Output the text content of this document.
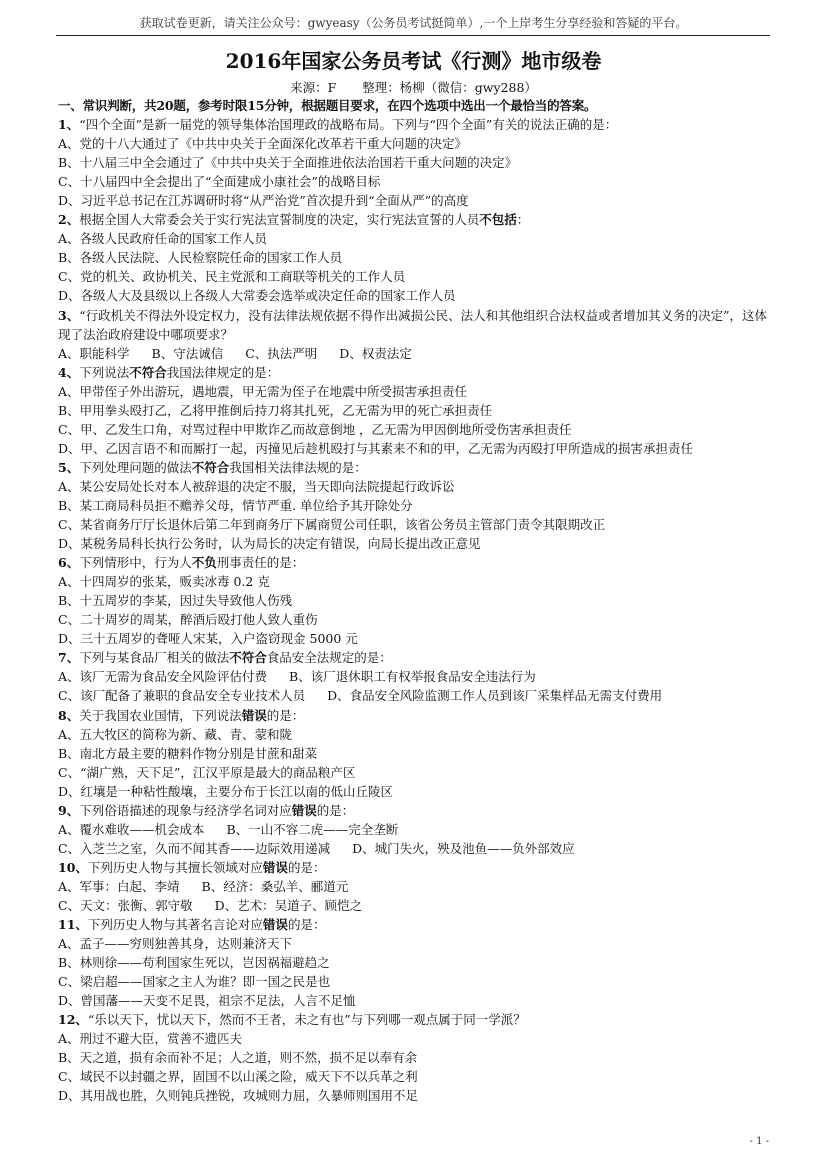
获取试卷更新，请关注公众号：gwyeasy（公务员考试挺简单）,一个上岸考生分享经验和答疑的平台。
2016年国家公务员考试《行测》地市级卷
来源：F 整理：杨柳（微信：gwy288）
一、常识判断，共20题，参考时限15分钟，根据题目要求，在四个选项中选出一个最恰当的答案。
1、“四个全面”是新一届党的领导集体治国理政的战略布局。下列与“四个全面”有关的说法正确的是：
A、党的十八大通过了《中共中央关于全面深化改革若干重大问题的决定》
B、十八届三中全会通过了《中共中央关于全面推进依法治国若干重大问题的决定》
C、十八届四中全会提出了“全面建成小康社会”的战略目标
D、习近平总书记在江苏调研时将“从严治党”首次提升到“全面从严”的高度
2、根据全国人大常委会关于实行宪法宣誓制度的决定，实行宪法宣誓的人员不包括：
A、各级人民政府任命的国家工作人员
B、各级人民法院、人民检察院任命的国家工作人员
C、党的机关、政协机关、民主党派和工商联等机关的工作人员
D、各级人大及县级以上各级人大常委会选举或决定任命的国家工作人员
3、“行政机关不得法外设定权力，没有法律法规依据不得作出减损公民、法人和其他组织合法权益或者增加其义务的决定”，这体现了法治政府建设中哪项要求？
A、职能科学 B、守法诚信 C、执法严明 D、权责法定
4、下列说法不符合我国法律规定的是：
A、甲带侄子外出游玩，遇地震，甲无需为侄子在地震中所受损害承担责任
B、甲用拳头殴打乙，乙将甲推倒后持刀将其扎死，乙无需为甲的死亡承担责任
C、甲、乙发生口角，对骂过程中甲欺诈乙而故意倒地 ，乙无需为甲因倒地所受伤害承担责任
D、甲、乙因言语不和而厮打一起，丙撞见后趁机殴打与其素来不和的甲，乙无需为丙殴打甲所造成的损害承担责任
5、下列处理问题的做法不符合我国相关法律法规的是：
A、某公安局处长对本人被辞退的决定不服，当天即向法院提起行政诉讼
B、某工商局科员拒不赡养父母，情节严重. 单位给予其开除处分
C、某省商务厅厅长退休后第二年到商务厅下属商贸公司任职，该省公务员主管部门责令其限期改正
D、某税务局科长执行公务时，认为局长的决定有错误，向局长提出改正意见
6、下列情形中，行为人不负刑事责任的是：
A、十四周岁的张某，贩卖冰毒 0.2 克
B、十五周岁的李某，因过失导致他人伤残
C、二十周岁的周某，醉酒后殴打他人致人重伤
D、三十五周岁的聋哑人宋某，入户盗窃现金 5000 元
7、下列与某食品厂相关的做法不符合食品安全法规定的是：
A、该厂无需为食品安全风险评估付费 B、该厂退休职工有权举报食品安全违法行为
C、该厂配备了兼职的食品安全专业技术人员 D、食品安全风险监测工作人员到该厂采集样品无需支付费用
8、关于我国农业国情，下列说法错误的是：
A、五大牧区的简称为新、藏、青、蒙和陇
B、南北方最主要的糖料作物分别是甘蔗和甜菜
C、“湖广熟，天下足”，江汉平原是最大的商品粮产区
D、红壤是一种粘性酸壤，主要分布于长江以南的低山丘陵区
9、下列俗语描述的现象与经济学名词对应错误的是：
A、覆水难收——机会成本 B、一山不容二虎——完全垄断
C、入芝兰之室，久而不闻其香——边际效用递减 D、城门失火，殃及池鱼——负外部效应
10、下列历史人物与其擅长领域对应错误的是：
A、军事：白起、李靖 B、经济：桑弘羊、郦道元
C、天文：张衡、郭守敬 D、艺术：吴道子、顾恺之
11、下列历史人物与其著名言论对应错误的是：
A、孟子——穷则独善其身，达则兼济天下
B、林则徐——苟利国家生死以，岂因祸福避趋之
C、梁启超——国家之主人为谁？即一国之民是也
D、曾国藩——天变不足畏，祖宗不足法，人言不足恤
12、“乐以天下，忧以天下，然而不王者，未之有也”与下列哪一观点属于同一学派？
A、刑过不避大臣，赏善不遗匹夫
B、天之道，损有余而补不足；人之道，则不然，损不足以奉有余
C、域民不以封疆之界，固国不以山溪之险，威天下不以兵革之利
D、其用战也胜，久则钝兵挫锐，攻城则力屈，久暴师则国用不足
- 1 -
